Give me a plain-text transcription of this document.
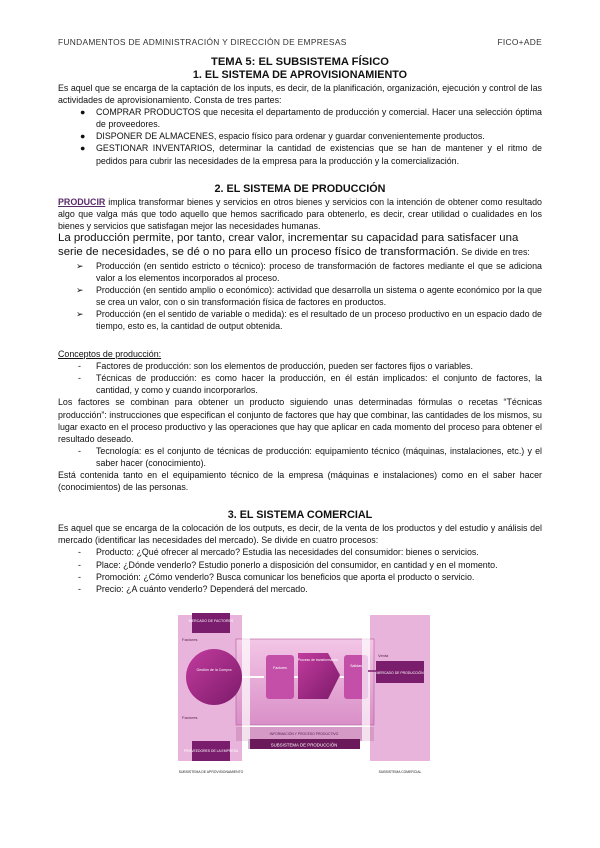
FUNDAMENTOS DE ADMINISTRACIÓN Y DIRECCIÓN DE EMPRESAS	FICO+ADE
TEMA 5: EL SUBSISTEMA FÍSICO
1. EL SISTEMA DE APROVISIONAMIENTO

Es aquel que se encarga de la captación de los inputs, es decir, de la planificación, organización, ejecución y control de las actividades de aprovisionamiento. Consta de tres partes:

● COMPRAR PRODUCTOS que necesita el departamento de producción y comercial. Hacer una selección óptima de proveedores.
● DISPONER DE ALMACENES, espacio físico para ordenar y guardar convenientemente productos.
● GESTIONAR INVENTARIOS, determinar la cantidad de existencias que se han de mantener y el ritmo de pedidos para cubrir las necesidades de la empresa para la producción y la comercialización.
2. EL SISTEMA DE PRODUCCIÓN

PRODUCIR implica transformar bienes y servicios en otros bienes y servicios con la intención de obtener como resultado algo que valga más que todo aquello que hemos sacrificado para obtenerlo, es decir, crear utilidad o cualidades en los bienes y servicios que satisfagan mejor las necesidades humanas.

La producción permite, por tanto, crear valor, incrementar su capacidad para satisfacer una serie de necesidades, se dé o no para ello un proceso físico de transformación. Se divide en tres:

➢ Producción (en sentido estricto o técnico): proceso de transformación de factores mediante el que se adiciona valor a los elementos incorporados al proceso.
➢ Producción (en sentido amplio o económico): actividad que desarrolla un sistema o agente económico por la que se crea un valor, con o sin transformación física de factores en productos.
➢ Producción (en el sentido de variable o medida): es el resultado de un proceso productivo en un espacio dado de tiempo, esto es, la cantidad de output obtenida.

Conceptos de producción:

- Factores de producción: son los elementos de producción, pueden ser factores fijos o variables.
- Técnicas de producción: es como hacer la producción, en él están implicados: el conjunto de factores, la cantidad, y como y cuando incorporarlos.

Los factores se combinan para obtener un producto siguiendo unas determinadas fórmulas o recetas “Técnicas producción”: instrucciones que especifican el conjunto de factores que hay que combinar, las cantidades de los mismos, su lugar exacto en el proceso productivo y las operaciones que hay que aplicar en cada momento del proceso para obtener el resultado deseado.

- Tecnología: es el conjunto de técnicas de producción: equipamiento técnico (máquinas, instalaciones, etc.) y el saber hacer (conocimiento).

Está contenida tanto en el equipamiento técnico de la empresa (máquinas e instalaciones) como en el saber hacer (conocimientos) de las personas.

3. EL SISTEMA COMERCIAL

Es aquel que se encarga de la colocación de los outputs, es decir, de la venta de los productos y del estudio y análisis del mercado (identificar las necesidades del mercado). Se divide en cuatro procesos:

- Producto: ¿Qué ofrecer al mercado? Estudia las necesidades del consumidor: bienes o servicios.
- Place: ¿Dónde venderlo? Estudio ponerlo a disposición del consumidor, en cantidad y en el momento.
- Promoción: ¿Cómo venderlo? Busca comunicar los beneficios que aporta el producto o servicio.
- Precio: ¿A cuánto venderlo? Dependerá del mercado.
MERCADO DE FACTORES
PROVEEDORES DE LA EMPRESA
Factores
Factores
Gestión de la Compra	Factores
Proceso de transformación
Salidas
Venta
MERCADO DE PRODUCCIÓN
INFORMACIÓN Y PROCESO PRODUCTIVO
SUBSISTEMA DE PRODUCCIÓN
SUBSISTEMA DE APROVISIONAMIENTO	SUBSISTEMA COMERCIAL
